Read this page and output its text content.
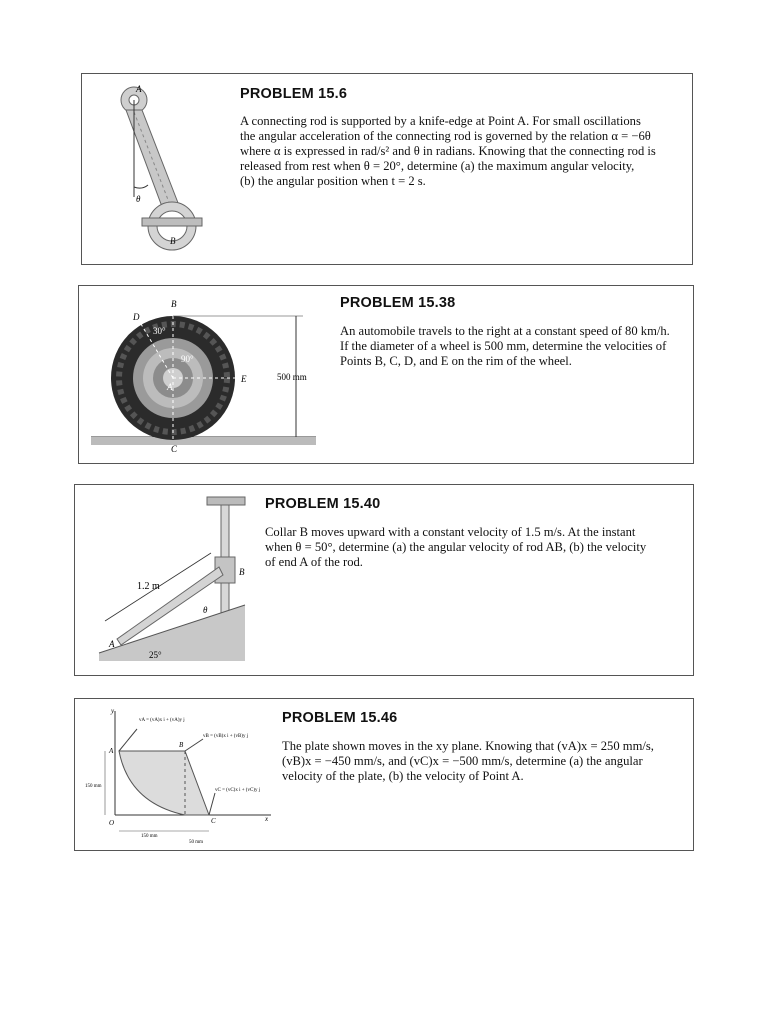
PROBLEM 15.6
A connecting rod is supported by a knife-edge at Point A. For small oscillations
the angular acceleration of the connecting rod is governed by the relation α = −6θ
where α is expressed in rad/s² and θ in radians. Knowing that the connecting rod is
released from rest when θ = 20°, determine (a) the maximum angular velocity,
(b) the angular position when t = 2 s.
A
B
θ
PROBLEM 15.38
An automobile travels to the right at a constant speed of 80 km/h.
If the diameter of a wheel is 500 mm, determine the velocities of
Points B, C, D, and E on the rim of the wheel.
B
C
D
E
A
30°
90°
500 mm
PROBLEM 15.40
Collar B moves upward with a constant velocity of 1.5 m/s. At the instant
when θ = 50°, determine (a) the angular velocity of rod AB, (b) the velocity
of end A of the rod.
1.2 m
B
A
θ
25°
PROBLEM 15.46
The plate shown moves in the xy plane. Knowing that (vA)x = 250 mm/s,
(vB)x = −450 mm/s, and (vC)x = −500 mm/s, determine (a) the angular
velocity of the plate, (b) the velocity of Point A.
y
x
O
A
B
C
vA = (vA)x i + (vA)y j
vB = (vB)x i + (vB)y j
vC = (vC)x i + (vC)y j
150 mm
150 mm
50 mm
